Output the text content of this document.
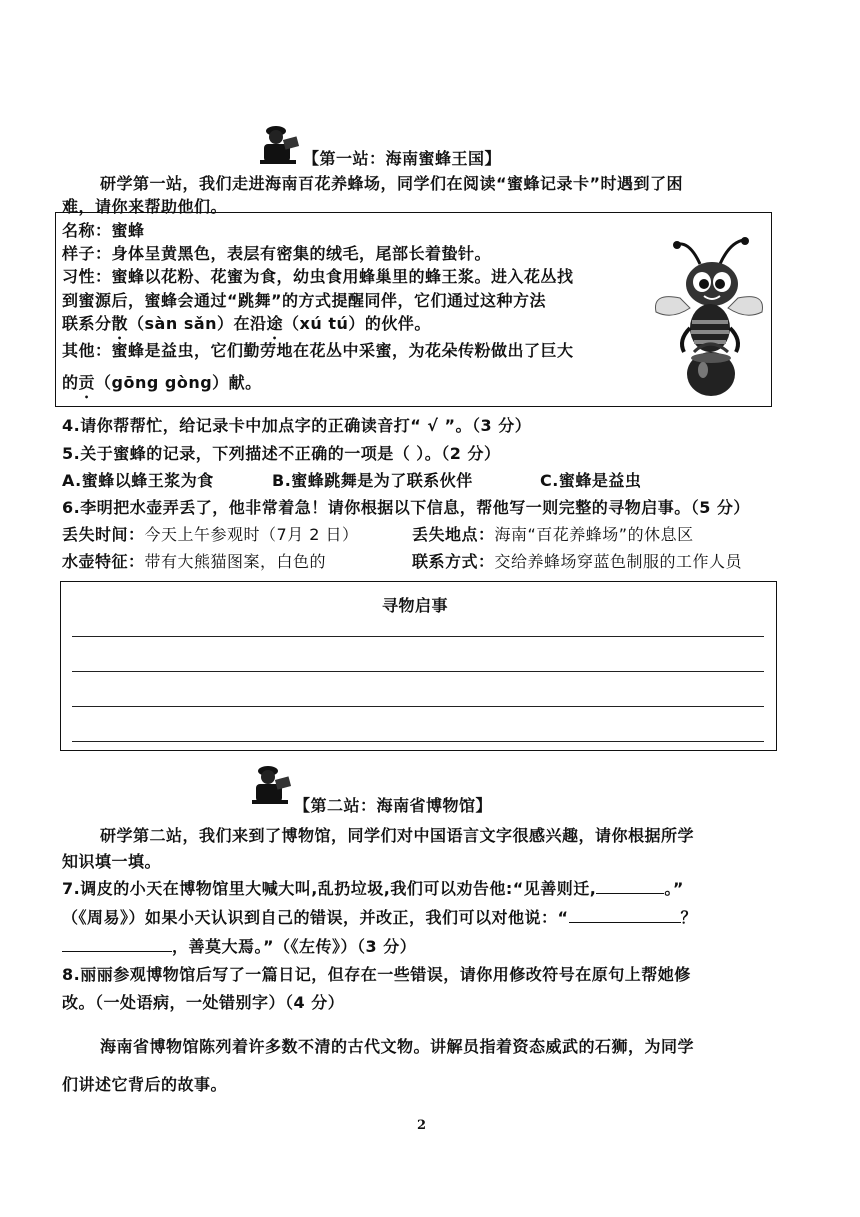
【第一站：海南蜜蜂王国】
研学第一站，我们走进海南百花养蜂场，同学们在阅读“蜜蜂记录卡”时遇到了困
难，请你来帮助他们。
名称：蜜蜂
样子：身体呈黄黑色，表层有密集的绒毛，尾部长着蛰针。
习性：蜜蜂以花粉、花蜜为食，幼虫食用蜂巢里的蜂王浆。进入花丛找
到蜜源后，蜜蜂会通过“跳舞”的方式提醒同伴，它们通过这种方法
联系分散（sàn sǎn）在沿途（xú tú）的伙伴。
其他：蜜蜂是益虫，它们勤劳地在花丛中采蜜，为花朵传粉做出了巨大
的贡（gōng gòng）献。
4.请你帮帮忙，给记录卡中加点字的正确读音打“ √ ”。（3 分）
5.关于蜜蜂的记录，下列描述不正确的一项是（ ）。（2 分）
A.蜜蜂以蜂王浆为食	B.蜜蜂跳舞是为了联系伙伴	C.蜜蜂是益虫
6.李明把水壶弄丢了，他非常着急！请你根据以下信息，帮他写一则完整的寻物启事。（5 分）
丢失时间：今天上午参观时（7月 2 日）	丢失地点：海南“百花养蜂场”的休息区
水壶特征：带有大熊猫图案，白色的	联系方式：交给养蜂场穿蓝色制服的工作人员
寻物启事
【第二站：海南省博物馆】
研学第二站，我们来到了博物馆，同学们对中国语言文字很感兴趣，请你根据所学
知识填一填。
7.调皮的小天在博物馆里大喊大叫,乱扔垃圾,我们可以劝告他:“见善则迁,	。”
（《周易》）如果小天认识到自己的错误，并改正，我们可以对他说：“	？
，善莫大焉。”（《左传》）（3 分）
8.丽丽参观博物馆后写了一篇日记，但存在一些错误，请你用修改符号在原句上帮她修
改。（一处语病，一处错别字）（4 分）
海南省博物馆陈列着许多数不清的古代文物。讲解员指着资态威武的石狮，为同学
们讲述它背后的故事。
2
